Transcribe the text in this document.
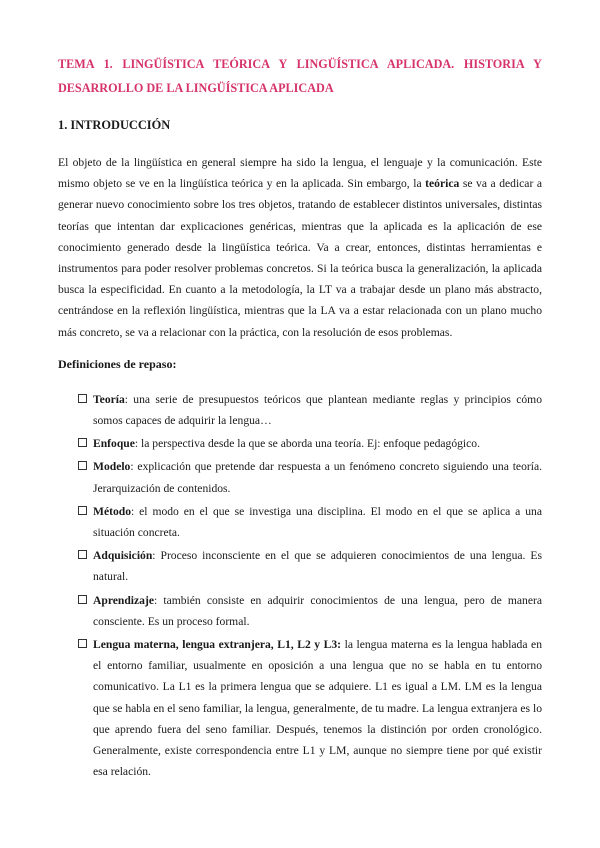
TEMA 1. LINGÜÍSTICA TEÓRICA Y LINGÜÍSTICA APLICADA. HISTORIA Y DESARROLLO DE LA LINGÜÍSTICA APLICADA
1. INTRODUCCIÓN

El objeto de la lingüística en general siempre ha sido la lengua, el lenguaje y la comunicación. Este mismo objeto se ve en la lingüística teórica y en la aplicada. Sin embargo, la teórica se va a dedicar a generar nuevo conocimiento sobre los tres objetos, tratando de establecer distintos universales, distintas teorías que intentan dar explicaciones genéricas, mientras que la aplicada es la aplicación de ese conocimiento generado desde la lingüística teórica. Va a crear, entonces, distintas herramientas e instrumentos para poder resolver problemas concretos. Si la teórica busca la generalización, la aplicada busca la especificidad. En cuanto a la metodología, la LT va a trabajar desde un plano más abstracto, centrándose en la reflexión lingüística, mientras que la LA va a estar relacionada con un plano mucho más concreto, se va a relacionar con la práctica, con la resolución de esos problemas.

Definiciones de repaso:
Teoría: una serie de presupuestos teóricos que plantean mediante reglas y principios cómo somos capaces de adquirir la lengua…
Enfoque: la perspectiva desde la que se aborda una teoría. Ej: enfoque pedagógico.
Modelo: explicación que pretende dar respuesta a un fenómeno concreto siguiendo una teoría. Jerarquización de contenidos.
Método: el modo en el que se investiga una disciplina. El modo en el que se aplica a una situación concreta.
Adquisición: Proceso inconsciente en el que se adquieren conocimientos de una lengua. Es natural.
Aprendizaje: también consiste en adquirir conocimientos de una lengua, pero de manera consciente. Es un proceso formal.
Lengua materna, lengua extranjera, L1, L2 y L3: la lengua materna es la lengua hablada en el entorno familiar, usualmente en oposición a una lengua que no se habla en tu entorno comunicativo. La L1 es la primera lengua que se adquiere. L1 es igual a LM. LM es la lengua que se habla en el seno familiar, la lengua, generalmente, de tu madre. La lengua extranjera es lo que aprendo fuera del seno familiar. Después, tenemos la distinción por orden cronológico. Generalmente, existe correspondencia entre L1 y LM, aunque no siempre tiene por qué existir esa relación.
